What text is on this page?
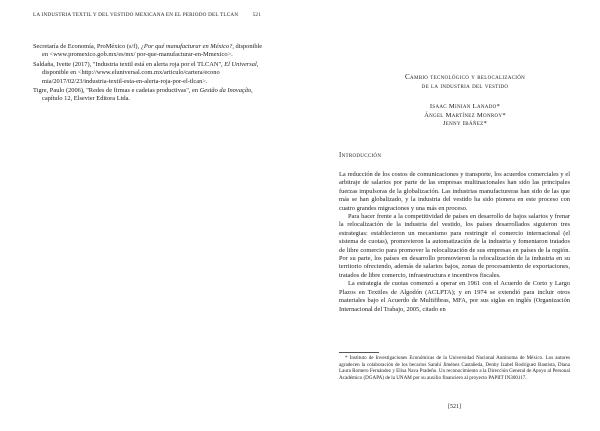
LA INDUSTRIA TEXTIL Y DEL VESTIDO MEXICANA EN EL PERIODO DEL TLCAN	521
Secretaría de Economía, ProMéxico (s/f), ¿Por qué manufacturar en México?, disponible en <www.promexico.gob.mx/es/mx/ por-que-manufacturar-en-Mmexico>.
Saldaña, Ivette (2017), "Industria textil está en alerta roja por el TLCAN", El Universal, disponible en <http://www.eluniversal.com.mx/articulo/cartera/econo mia/2017/02/23/industria-textil-esta-en-alerta-roja-por-el-tlcan>.
Tigre, Paulo (2006), "Redes de firmas e cadeias productivas", en Gestão da Inovação, capítulo 12, Elsevier Editora Ltda.
Cambio tecnológico y relocalización
de la industria del vestido
Isaac Minian Lanado*
Ángel Martínez Monroy*
Jenny Ibáñez*
Introducción

La reducción de los costos de comunicaciones y transporte, los acuerdos comerciales y el arbitraje de salarios por parte de las empresas multinacionales han sido las principales fuerzas impulsoras de la globalización. Las industrias manufactureras han sido de las que más se han globalizado, y la industria del vestido ha sido pionera en este proceso con cuatro grandes migraciones y una más en proceso.

Para hacer frente a la competitividad de países en desarrollo de bajos salarios y frenar la relocalización de la industria del vestido, los países desarrollados siguieron tres estrategias: establecieron un mecanismo para restringir el comercio internacional (el sistema de cuotas), promovieron la automatización de la industria y fomentaron tratados de libre comercio para promover la relocalización de sus empresas en países de la región. Por su parte, los países en desarrollo promovieron la relocalización de la industria en su territorio ofreciendo, además de salarios bajos, zonas de procesamiento de exportaciones, tratados de libre comercio, infraestructura e incentivos fiscales.

La estrategia de cuotas comenzó a operar en 1961 con el Acuerdo de Corto y Largo Plazos en Textiles de Algodón (ACLPTA); y en 1974 se extendió para incluir otros materiales bajo el Acuerdo de Multifibras, MFA, por sus siglas en inglés (Organización Internacional del Trabajo, 2005, citado en

* Instituto de Investigaciones Económicas de la Universidad Nacional Autónoma de México. Los autores agradecen la colaboración de los becarios Sarahí Jiménez Castañeda, Denby Izabel Rodríguez Bautista, Diana Laura Romero Fernández y Elisa Nava Pradeño. Un reconocimiento a la Dirección General de Apoyo al Personal Académico (DGAPA) de la UNAM por su auxilio financiero al proyecto PAPIIT IN300117.

[521]
